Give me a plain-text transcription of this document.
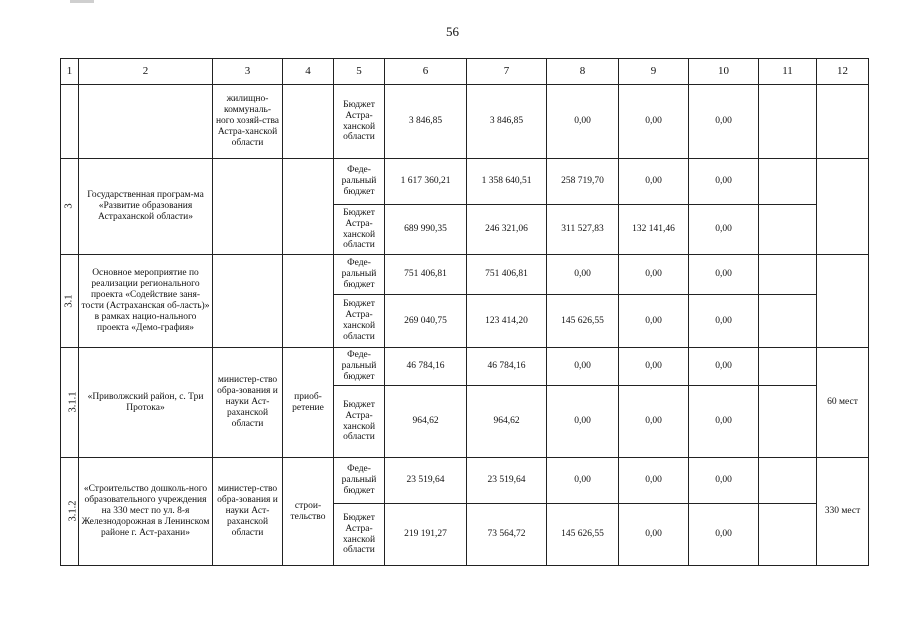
56
1	2	3	4	5	6	7	8	9	10	11	12
		жилищно-коммуналь-ного хозяй-ства Астра-ханской области		Бюджет Астра-ханской области	3 846,85	3 846,85	0,00	0,00	0,00		
3	Государственная програм-ма «Развитие образования Астраханской области»			Феде-ральный бюджет	1 617 360,21	1 358 640,51	258 719,70	0,00	0,00		
				Бюджет Астра-ханской области	689 990,35	246 321,06	311 527,83	132 141,46	0,00		
3.1	Основное мероприятие по реализации регионального проекта «Содействие заня-тости (Астраханская об-ласть)» в рамках нацио-нального проекта «Демо-графия»			Феде-ральный бюджет	751 406,81	751 406,81	0,00	0,00	0,00		
				Бюджет Астра-ханской области	269 040,75	123 414,20	145 626,55	0,00	0,00		
3.1.1	«Приволжский район, с. Три Протока»	министер-ство обра-зования и науки Аст-раханской области	приоб-ретение	Феде-ральный бюджет	46 784,16	46 784,16	0,00	0,00	0,00		60 мест
				Бюджет Астра-ханской области	964,62	964,62	0,00	0,00	0,00		
3.1.2	«Строительство дошколь-ного образовательного учреждения на 330 мест по ул. 8-я Железнодорожная в Ленинском районе г. Аст-рахани»	министер-ство обра-зования и науки Аст-раханской области	строи-тельство	Феде-ральный бюджет	23 519,64	23 519,64	0,00	0,00	0,00		330 мест
				Бюджет Астра-ханской области	219 191,27	73 564,72	145 626,55	0,00	0,00		
